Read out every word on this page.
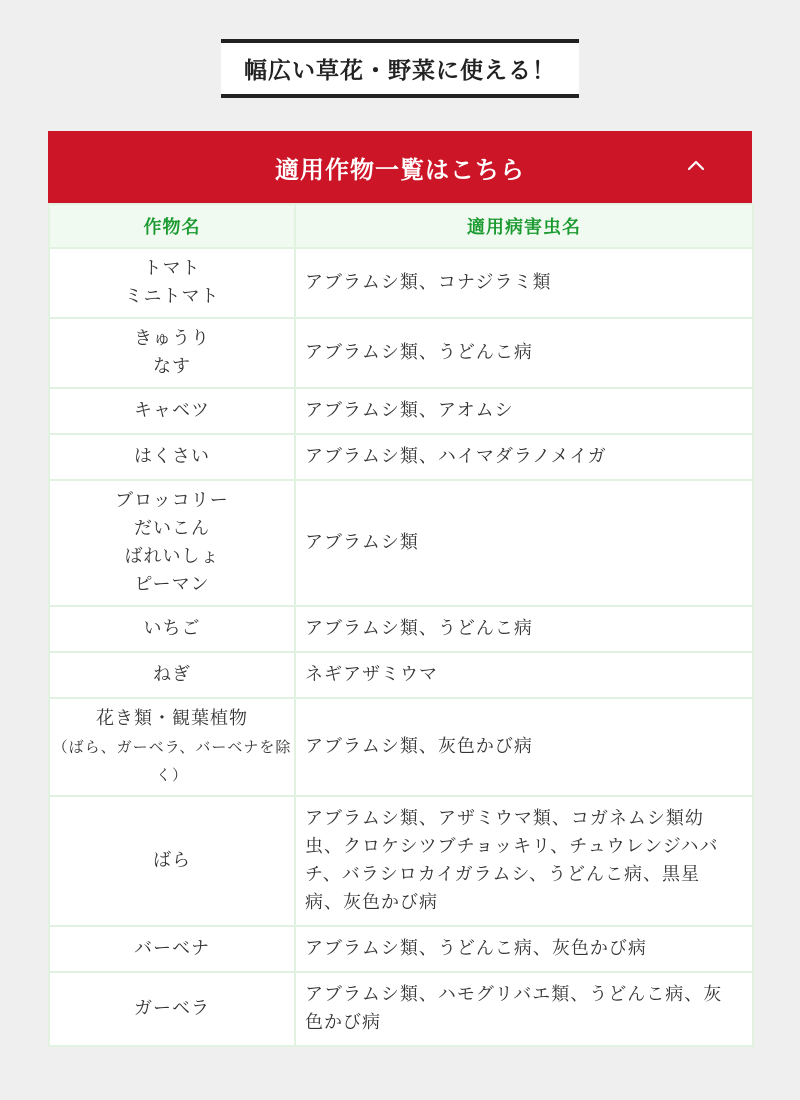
幅広い草花・野菜に使える！
適用作物一覧はこちら
作物名	適用病害虫名

トマト
ミニトマト	アブラムシ類、コナジラミ類

きゅうり
なす	アブラムシ類、うどんこ病

キャベツ	アブラムシ類、アオムシ

はくさい	アブラムシ類、ハイマダラノメイガ

ブロッコリー
だいこん
ばれいしょ
ピーマン	アブラムシ類

いちご	アブラムシ類、うどんこ病

ねぎ	ネギアザミウマ

花き類・観葉植物
（ばら、ガーベラ、バーベナを除く）	アブラムシ類、灰色かび病

ばら	アブラムシ類、アザミウマ類、コガネムシ類幼虫、クロケシツブチョッキリ、チュウレンジハバチ、バラシロカイガラムシ、うどんこ病、黒星病、灰色かび病

バーベナ	アブラムシ類、うどんこ病、灰色かび病

ガーベラ	アブラムシ類、ハモグリバエ類、うどんこ病、灰色かび病
